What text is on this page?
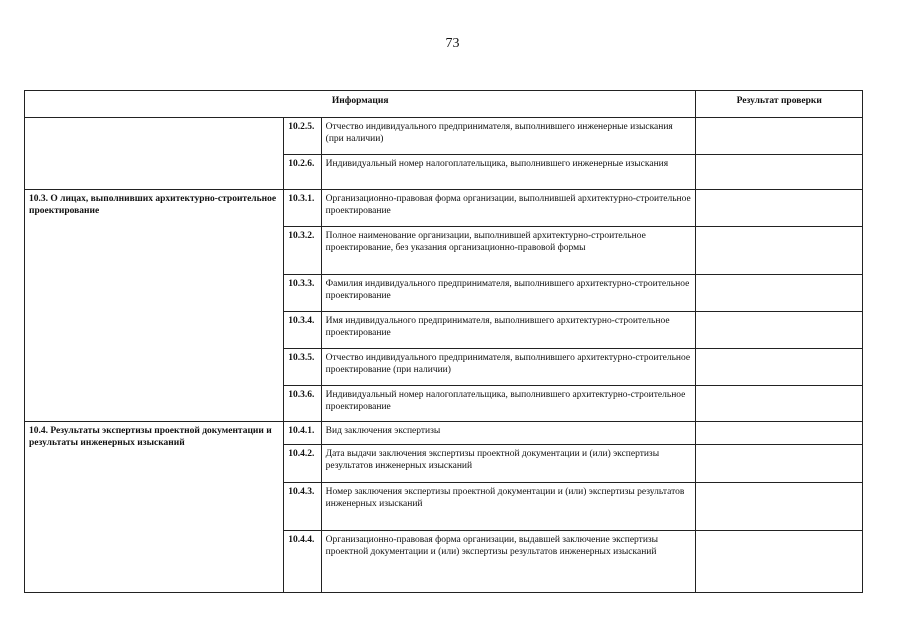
73
Информация			Результат проверки
	10.2.5.	Отчество индивидуального предпринимателя, выполнившего инженерные изыскания (при наличии)	
	10.2.6.	Индивидуальный номер налогоплательщика, выполнившего инженерные изыскания	
10.3. О лицах, выполнивших архитектурно-строительное проектирование	10.3.1.	Организационно-правовая форма организации, выполнившей архитектурно-строительное проектирование	
	10.3.2.	Полное наименование организации, выполнившей архитектурно-строительное проектирование, без указания организационно-правовой формы	
	10.3.3.	Фамилия индивидуального предпринимателя, выполнившего архитектурно-строительное проектирование	
	10.3.4.	Имя индивидуального предпринимателя, выполнившего архитектурно-строительное проектирование	
	10.3.5.	Отчество индивидуального предпринимателя, выполнившего архитектурно-строительное проектирование (при наличии)	
	10.3.6.	Индивидуальный номер налогоплательщика, выполнившего архитектурно-строительное проектирование	
10.4. Результаты экспертизы проектной документации и результаты инженерных изысканий	10.4.1.	Вид заключения экспертизы	
	10.4.2.	Дата выдачи заключения экспертизы проектной документации и (или) экспертизы результатов инженерных изысканий	
	10.4.3.	Номер заключения экспертизы проектной документации и (или) экспертизы результатов инженерных изысканий	
	10.4.4.	Организационно-правовая форма организации, выдавшей заключение экспертизы проектной документации и (или) экспертизы результатов инженерных изысканий	
